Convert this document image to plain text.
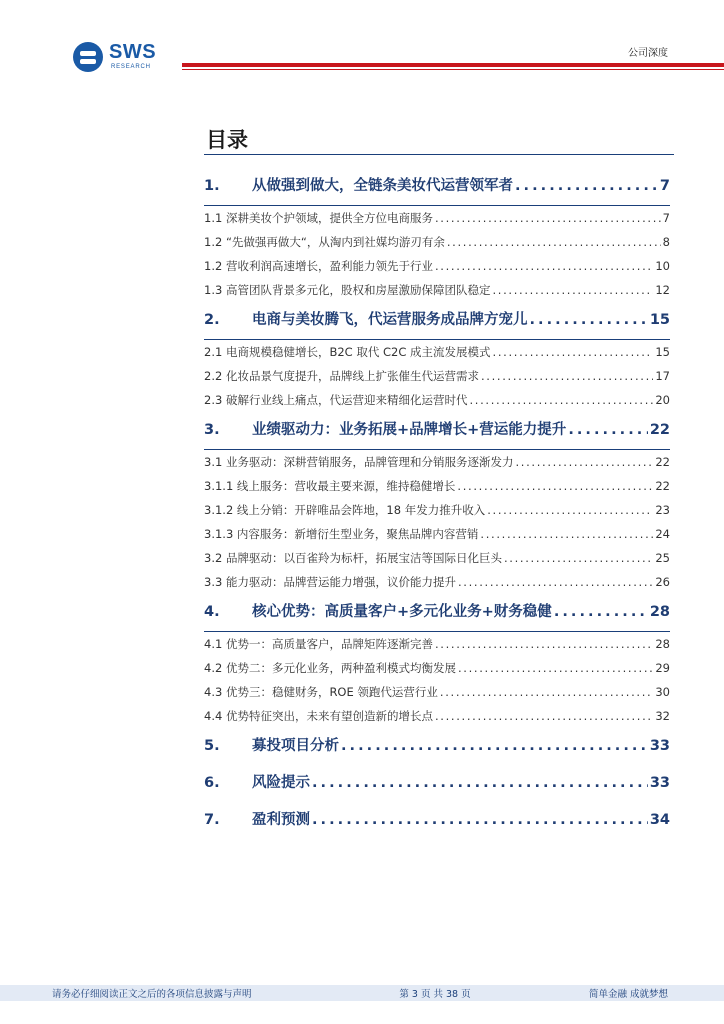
SWS
RESEARCH
公司深度
目录
1. 从做强到做大，全链条美妆代运营领军者 . . .	7
1.1 深耕美妆个护领域，提供全方位电商服务 . . .	7
1.2 “先做强再做大“，从淘内到社媒均游刃有余 . . .	8
1.2 营收利润高速增长，盈利能力领先于行业 . . .	10
1.3 高管团队背景多元化，股权和房屋激励保障团队稳定 . . .	12
2. 电商与美妆腾飞，代运营服务成品牌方宠儿 . . .	15
2.1 电商规模稳健增长，B2C 取代 C2C 成主流发展模式 . . .	15
2.2 化妆品景气度提升，品牌线上扩张催生代运营需求 . . .	17
2.3 破解行业线上痛点，代运营迎来精细化运营时代 . . .	20
3. 业绩驱动力：业务拓展+品牌增长+营运能力提升 . . .	22
3.1 业务驱动：深耕营销服务，品牌管理和分销服务逐渐发力 . . .	22
3.1.1 线上服务：营收最主要来源，维持稳健增长 . . .	22
3.1.2 线上分销：开辟唯品会阵地，18 年发力推升收入 . . .	23
3.1.3 内容服务：新增衍生型业务，聚焦品牌内容营销 . . .	24
3.2 品牌驱动：以百雀羚为标杆，拓展宝洁等国际日化巨头 . . .	25
3.3 能力驱动：品牌营运能力增强，议价能力提升 . . .	26
4. 核心优势：高质量客户+多元化业务+财务稳健 . . .	28
4.1 优势一：高质量客户，品牌矩阵逐渐完善 . . .	28
4.2 优势二：多元化业务，两种盈利模式均衡发展 . . .	29
4.3 优势三：稳健财务，ROE 领跑代运营行业 . . .	30
4.4 优势特征突出，未来有望创造新的增长点 . . .	32
5. 募投项目分析 . . .	33
6. 风险提示 . . .	33
7. 盈利预测 . . .	34
请务必仔细阅读正文之后的各项信息披露与声明	第 3 页 共 38 页	简单金融 成就梦想
